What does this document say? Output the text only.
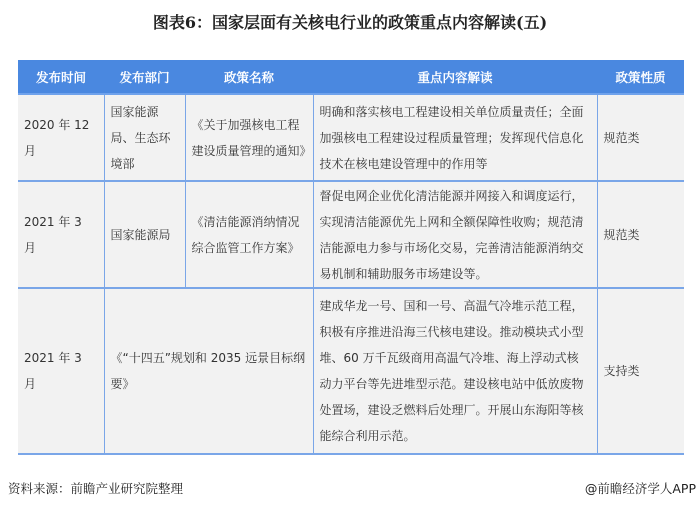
图表6：国家层面有关核电行业的政策重点内容解读(五)
发布时间	发布部门	政策名称	重点内容解读	政策性质
2020 年 12 月	国家能源局、生态环境部	《关于加强核电工程建设质量管理的通知》	明确和落实核电工程建设相关单位质量责任；全面加强核电工程建设过程质量管理；发挥现代信息化技术在核电建设管理中的作用等	规范类
2021 年 3 月	国家能源局	《清洁能源消纳情况综合监管工作方案》	督促电网企业优化清洁能源并网接入和调度运行，实现清洁能源优先上网和全额保障性收购；规范清洁能源电力参与市场化交易，完善清洁能源消纳交易机制和辅助服务市场建设等。	规范类
2021 年 3 月	《“十四五”规划和 2035 远景目标纲要》		建成华龙一号、国和一号、高温气冷堆示范工程，积极有序推进沿海三代核电建设。推动模块式小型堆、60 万千瓦级商用高温气冷堆、海上浮动式核动力平台等先进堆型示范。建设核电站中低放废物处置场，建设乏燃料后处理厂。开展山东海阳等核能综合利用示范。	支持类
资料来源：前瞻产业研究院整理	@前瞻经济学人APP
